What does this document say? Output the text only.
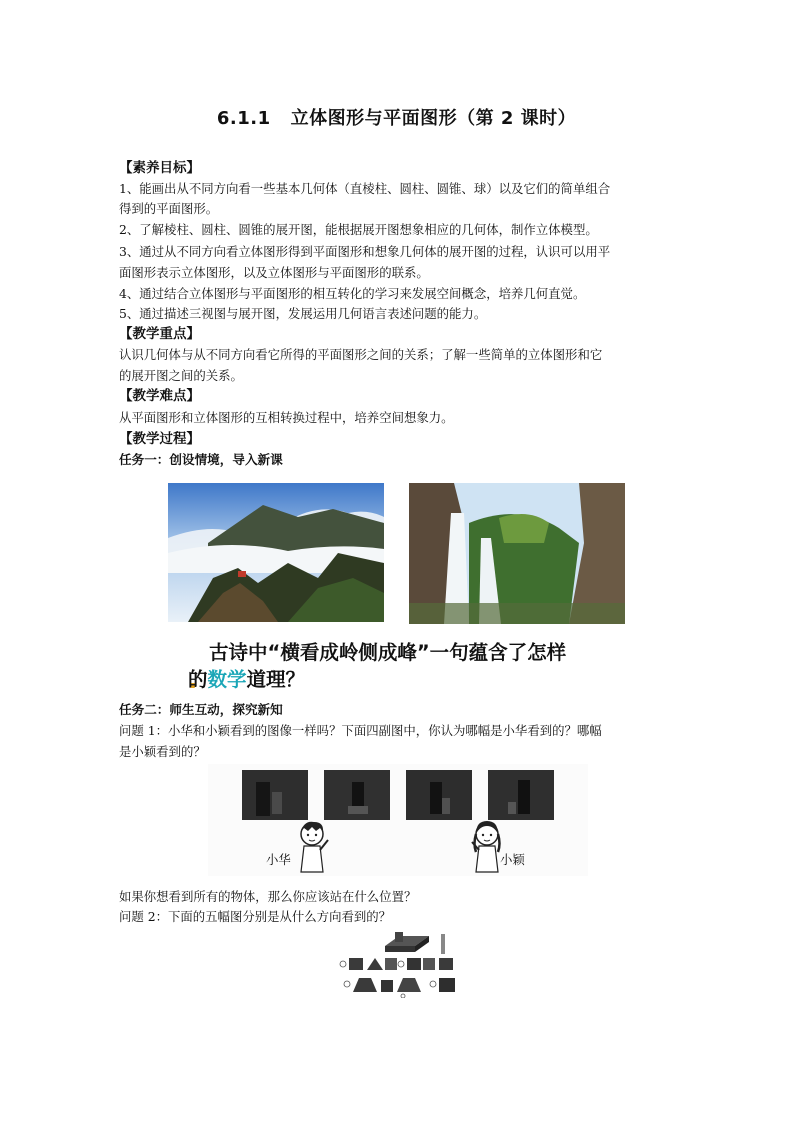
6.1.1 立体图形与平面图形（第 2 课时）
【素养目标】
1、能画出从不同方向看一些基本几何体（直棱柱、圆柱、圆锥、球）以及它们的简单组合
得到的平面图形。
2、了解棱柱、圆柱、圆锥的展开图，能根据展开图想象相应的几何体，制作立体模型。
3、通过从不同方向看立体图形得到平面图形和想象几何体的展开图的过程，认识可以用平
面图形表示立体图形，以及立体图形与平面图形的联系。
4、通过结合立体图形与平面图形的相互转化的学习来发展空间概念，培养几何直觉。
5、通过描述三视图与展开图，发展运用几何语言表述问题的能力。
【教学重点】
认识几何体与从不同方向看它所得的平面图形之间的关系；了解一些简单的立体图形和它
的展开图之间的关系。
【教学难点】
从平面图形和立体图形的互相转换过程中，培养空间想象力。
【教学过程】
任务一：创设情境，导入新课
古诗中“横看成岭侧成峰”一句蕴含了怎样
的数学道理？
任务二：师生互动，探究新知
问题 1：小华和小颖看到的图像一样吗？下面四副图中，你认为哪幅是小华看到的？哪幅
是小颖看到的？
小华	小颖
如果你想看到所有的物体，那么你应该站在什么位置？
问题 2：下面的五幅图分别是从什么方向看到的？
